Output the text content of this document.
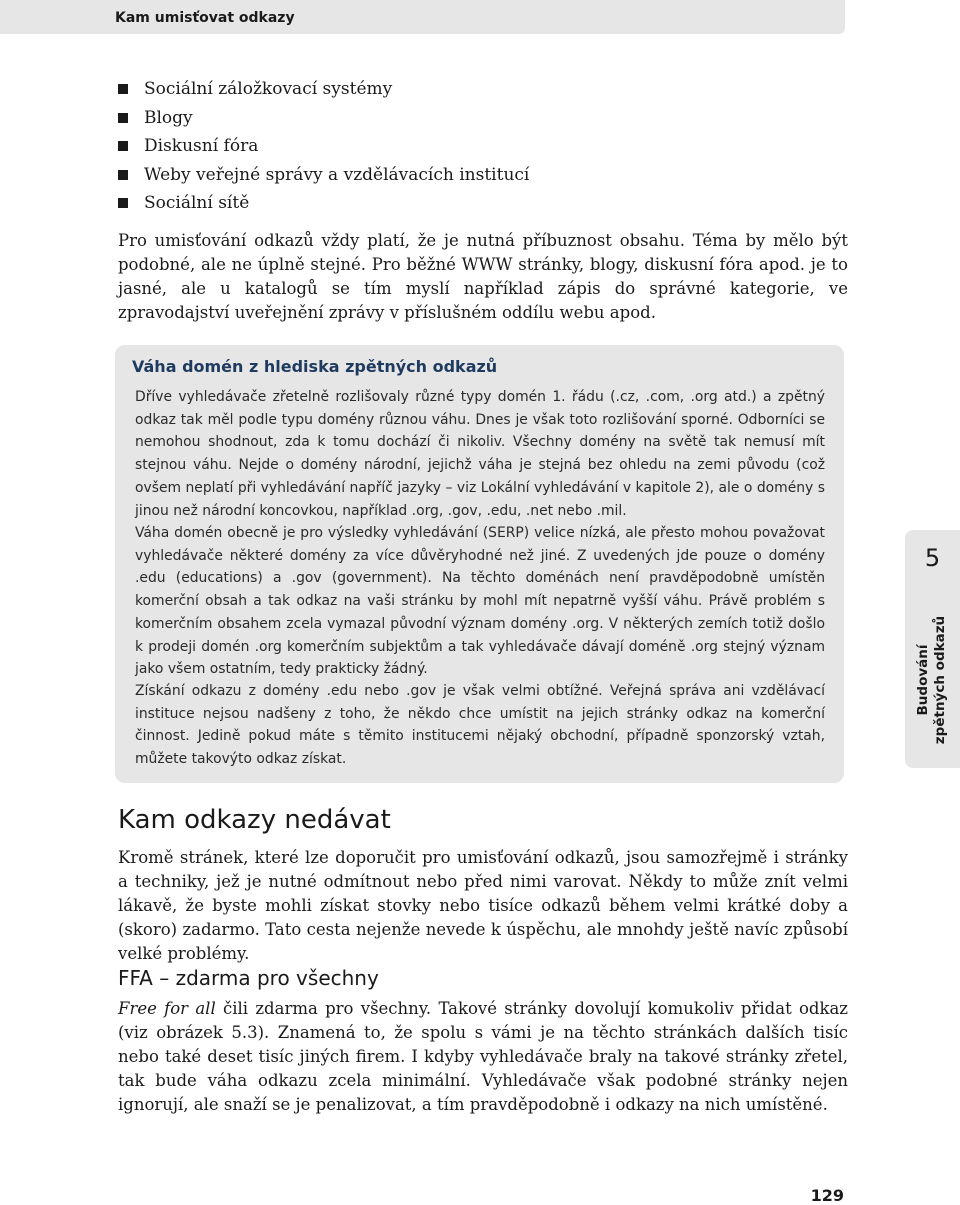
Kam umisťovat odkazy
Sociální záložkovací systémy
Blogy
Diskusní fóra
Weby veřejné správy a vzdělávacích institucí
Sociální sítě

Pro umisťování odkazů vždy platí, že je nutná příbuznost obsahu. Téma by mělo být podobné, ale ne úplně stejné. Pro běžné WWW stránky, blogy, diskusní fóra apod. je to jasné, ale u katalogů se tím myslí například zápis do správné kategorie, ve zpravodajství uveřejnění zprávy v příslušném oddílu webu apod.

Váha domén z hlediska zpětných odkazů

Dříve vyhledávače zřetelně rozlišovaly různé typy domén 1. řádu (.cz, .com, .org atd.) a zpětný odkaz tak měl podle typu domény různou váhu. Dnes je však toto rozlišování sporné. Odborníci se nemohou shodnout, zda k tomu dochází či nikoliv. Všechny domény na světě tak nemusí mít stejnou váhu. Nejde o domény národní, jejichž váha je stejná bez ohledu na zemi původu (což ovšem neplatí při vyhledávání napříč jazyky – viz Lokální vyhledávání v kapitole 2), ale o domény s jinou než národní koncovkou, například .org, .gov, .edu, .net nebo .mil.

Váha domén obecně je pro výsledky vyhledávání (SERP) velice nízká, ale přesto mohou považovat vyhledávače některé domény za více důvěryhodné než jiné. Z uvedených jde pouze o domény .edu (educations) a .gov (government). Na těchto doménách není pravděpodobně umístěn komerční obsah a tak odkaz na vaši stránku by mohl mít nepatrně vyšší váhu. Právě problém s komerčním obsahem zcela vymazal původní význam domény .org. V některých zemích totiž došlo k prodeji domén .org komerčním subjektům a tak vyhledávače dávají doméně .org stejný význam jako všem ostatním, tedy prakticky žádný.

Získání odkazu z domény .edu nebo .gov je však velmi obtížné. Veřejná správa ani vzdělávací instituce nejsou nadšeny z toho, že někdo chce umístit na jejich stránky odkaz na komerční činnost. Jedině pokud máte s těmito institucemi nějaký obchodní, případně sponzorský vztah, můžete takovýto odkaz získat.

5
Budování zpětných odkazů
Kam odkazy nedávat

Kromě stránek, které lze doporučit pro umisťování odkazů, jsou samozřejmě i stránky a techniky, jež je nutné odmítnout nebo před nimi varovat. Někdy to může znít velmi lákavě, že byste mohli získat stovky nebo tisíce odkazů během velmi krátké doby a (skoro) zadarmo. Tato cesta nejenže nevede k úspěchu, ale mnohdy ještě navíc způsobí velké problémy.

FFA – zdarma pro všechny

Free for all čili zdarma pro všechny. Takové stránky dovolují komukoliv přidat odkaz (viz obrázek 5.3). Znamená to, že spolu s vámi je na těchto stránkách dalších tisíc nebo také deset tisíc jiných firem. I kdyby vyhledávače braly na takové stránky zřetel, tak bude váha odkazu zcela minimální. Vyhledávače však podobné stránky nejen ignorují, ale snaží se je penalizovat, a tím pravděpodobně i odkazy na nich umístěné.

129
